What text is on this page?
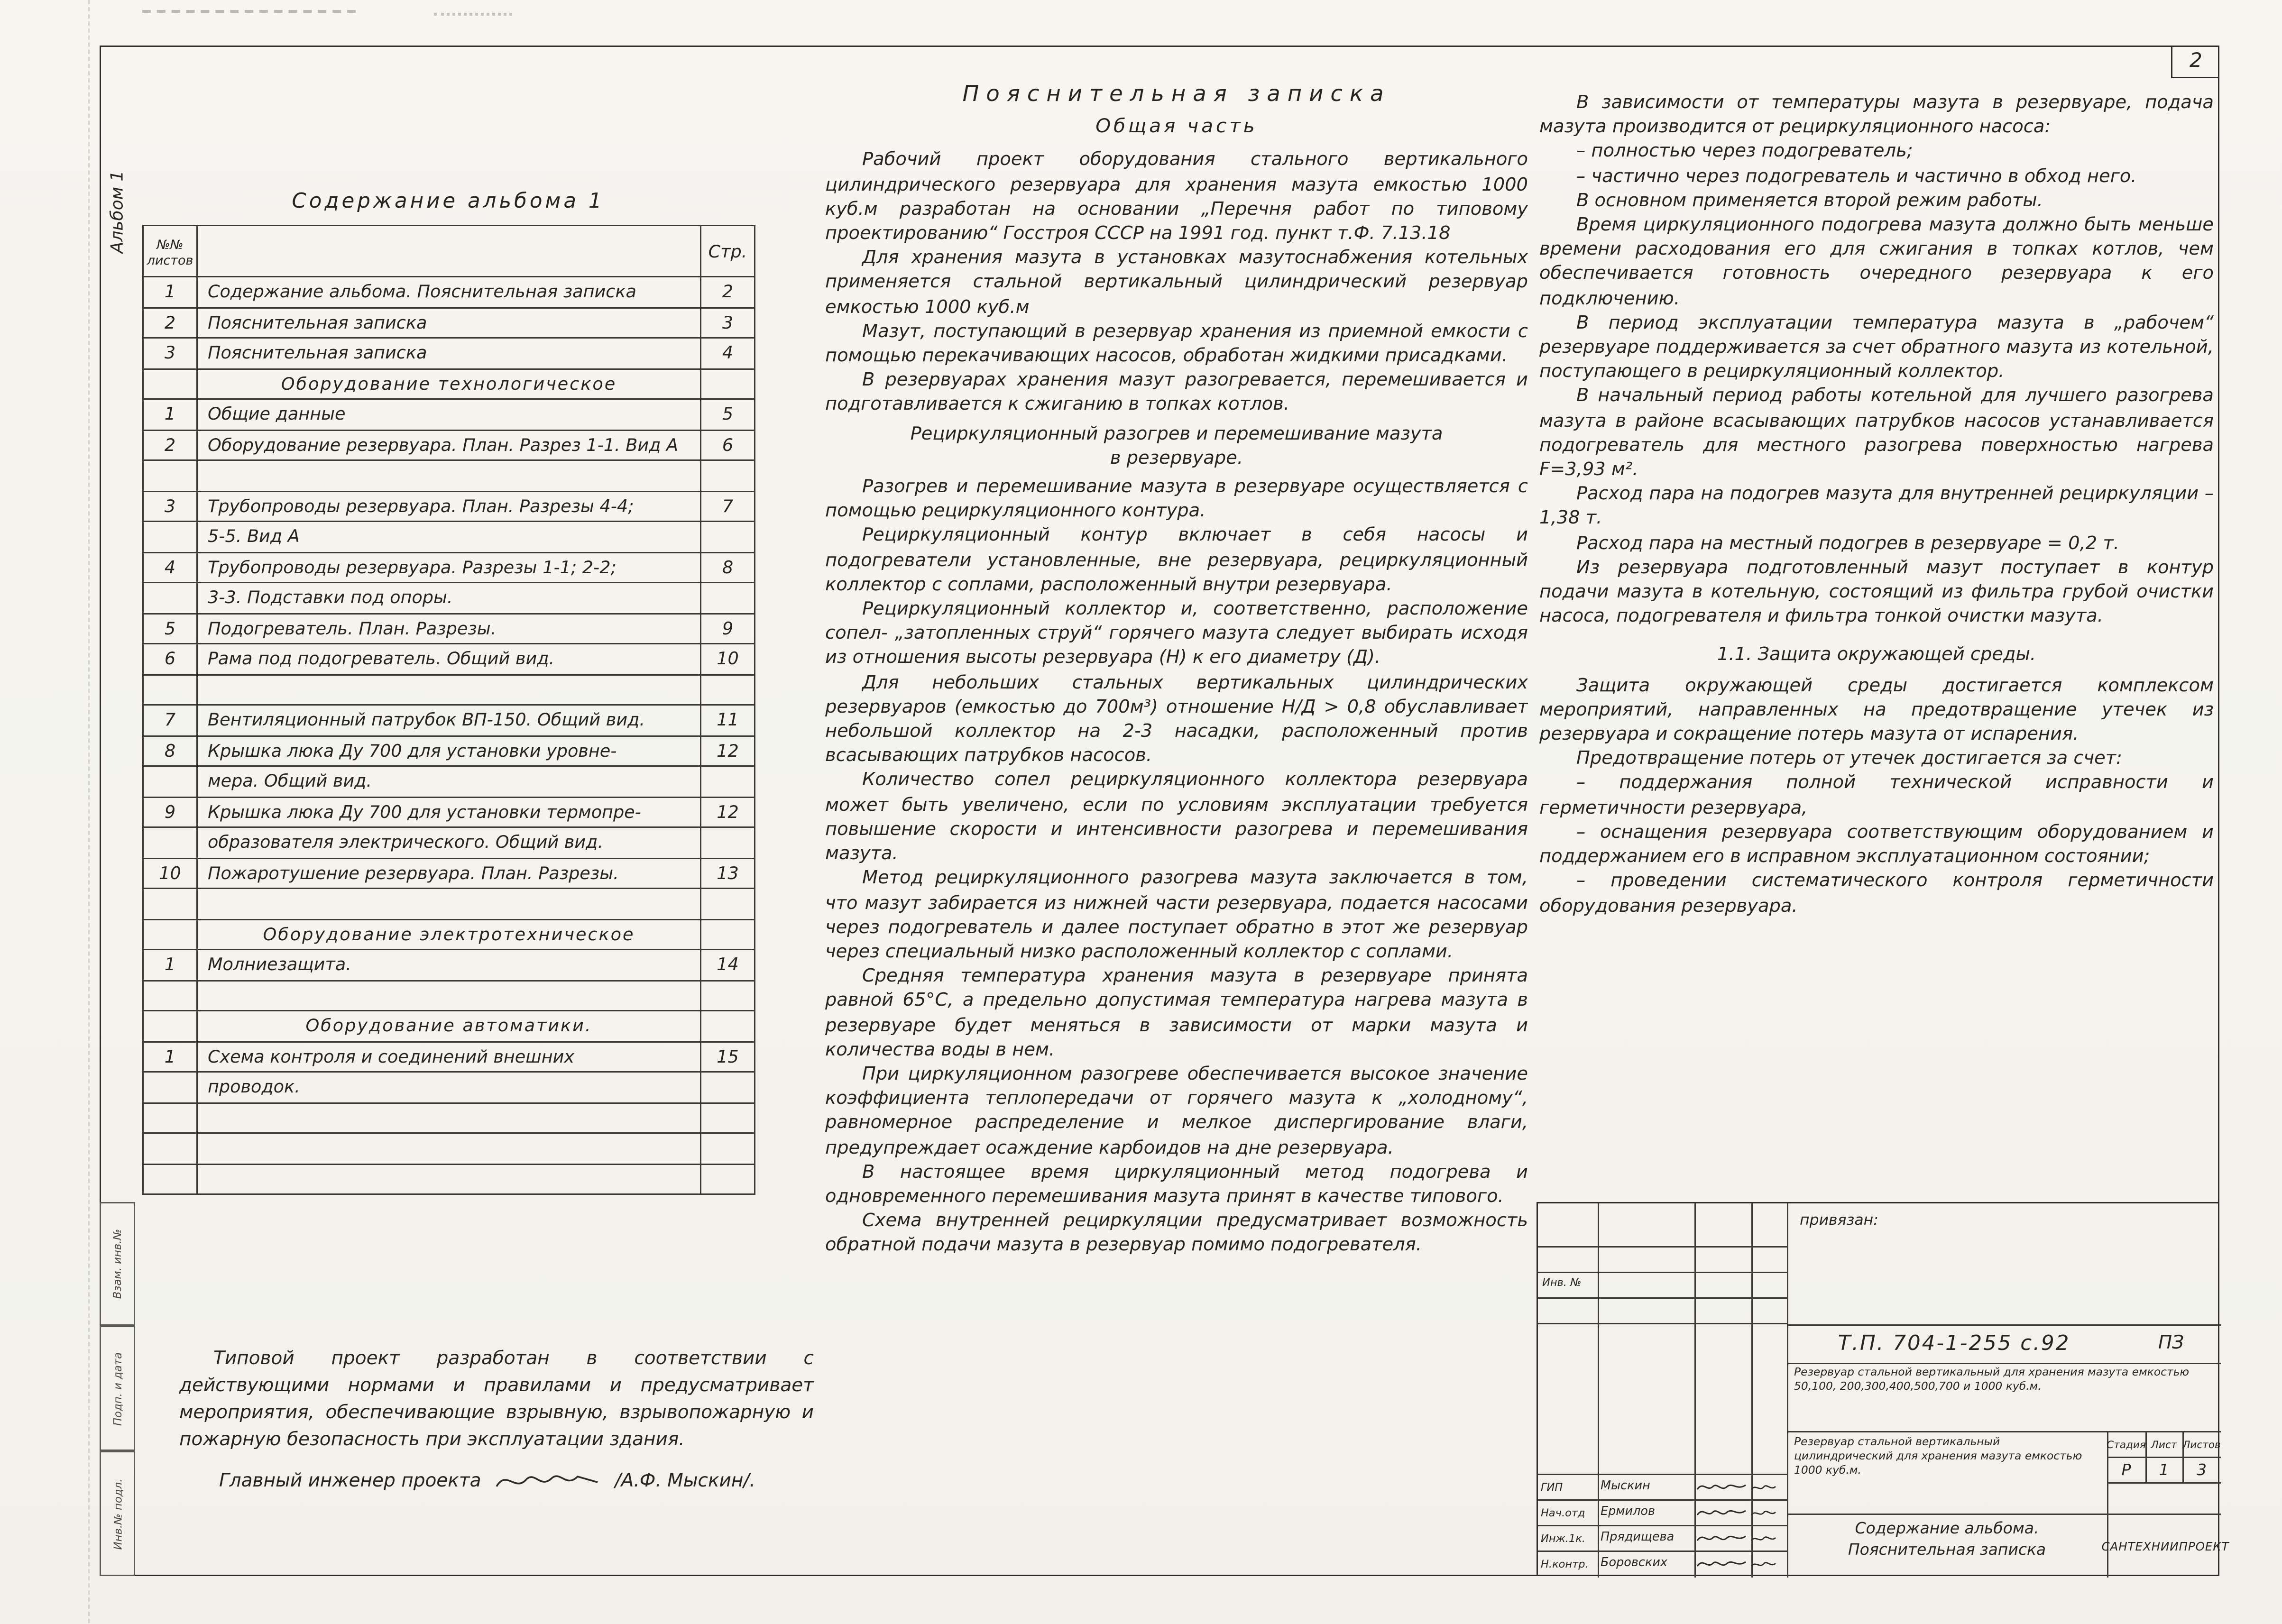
2
Альбом 1
Взам. инв.№
Подп. и дата
Инв.№ подл.
Содержание альбома 1
№№
листов		Стр.
1	Содержание альбома. Пояснительная записка	2
2	Пояснительная записка	3
3	Пояснительная записка	4
	Оборудование технологическое	
1	Общие данные	5
2	Оборудование резервуара. План. Разрез 1-1. Вид А	6

3	Трубопроводы резервуара. План. Разрезы 4-4;	7
	5-5. Вид А	
4	Трубопроводы резервуара. Разрезы 1-1; 2-2;	8
	3-3. Подставки под опоры.	
5	Подогреватель. План. Разрезы.	9
6	Рама под подогреватель. Общий вид.	10

7	Вентиляционный патрубок ВП-150. Общий вид.	11
8	Крышка люка Ду 700 для установки уровне-	12
	мера. Общий вид.	
9	Крышка люка Ду 700 для установки термопре-	12
	образователя электрического. Общий вид.	
10	Пожаротушение резервуара. План. Разрезы.	13

	Оборудование электротехническое	
1	Молниезащита.	14

	Оборудование автоматики.	
1	Схема контроля и соединений внешних	15
	проводок.	

Пояснительная записка
Общая часть

Рабочий проект оборудования стального вертикального цилиндрического резервуара для хранения мазута емкостью 1000 куб.м разработан на основании „Перечня работ по типовому проектированию“ Госстроя СССР на 1991 год. пункт т.Ф. 7.13.18

Для хранения мазута в установках мазутоснабжения котельных применяется стальной вертикальный цилиндрический резервуар емкостью 1000 куб.м

Мазут, поступающий в резервуар хранения из приемной емкости с помощью перекачивающих насосов, обработан жидкими присадками.

В резервуарах хранения мазут разогревается, перемешивается и подготавливается к сжиганию в топках котлов.

Рециркуляционный разогрев и перемешивание мазута
в резервуаре.

Разогрев и перемешивание мазута в резервуаре осуществляется с помощью рециркуляционного контура.

Рециркуляционный контур включает в себя насосы и подогреватели установленные, вне резервуара, рециркуляционный коллектор с соплами, расположенный внутри резервуара.

Рециркуляционный коллектор и, соответственно, расположение сопел- „затопленных струй“ горячего мазута следует выбирать исходя из отношения высоты резервуара (Н) к его диаметру (Д).

Для небольших стальных вертикальных цилиндрических резервуаров (емкостью до 700м³) отношение Н/Д > 0,8 обуславливает небольшой коллектор на 2-3 насадки, расположенный против всасывающих патрубков насосов.

Количество сопел рециркуляционного коллектора резервуара может быть увеличено, если по условиям эксплуатации требуется повышение скорости и интенсивности разогрева и перемешивания мазута.

Метод рециркуляционного разогрева мазута заключается в том, что мазут забирается из нижней части резервуара, подается насосами через подогреватель и далее поступает обратно в этот же резервуар через специальный низко расположенный коллектор с соплами.

Средняя температура хранения мазута в резервуаре принята равной 65°С, а предельно допустимая температура нагрева мазута в резервуаре будет меняться в зависимости от марки мазута и количества воды в нем.

При циркуляционном разогреве обеспечивается высокое значение коэффициента теплопередачи от горячего мазута к „холодному“, равномерное распределение и мелкое диспергирование влаги, предупреждает осаждение карбоидов на дне резервуара.

В настоящее время циркуляционный метод подогрева и одновременного перемешивания мазута принят в качестве типового.

Схема внутренней рециркуляции предусматривает возможность обратной подачи мазута в резервуар помимо подогревателя.

В зависимости от температуры мазута в резервуаре, подача мазута производится от рециркуляционного насоса:

– полностью через подогреватель;

– частично через подогреватель и частично в обход него.

В основном применяется второй режим работы.

Время циркуляционного подогрева мазута должно быть меньше времени расходования его для сжигания в топках котлов, чем обеспечивается готовность очередного резервуара к его подключению.

В период эксплуатации температура мазута в „рабочем“ резервуаре поддерживается за счет обратного мазута из котельной, поступающего в рециркуляционный коллектор.

В начальный период работы котельной для лучшего разогрева мазута в районе всасывающих патрубков насосов устанавливается подогреватель для местного разогрева поверхностью нагрева F=3,93 м².

Расход пара на подогрев мазута для внутренней рециркуляции – 1,38 т.

Расход пара на местный подогрев в резервуаре = 0,2 т.

Из резервуара подготовленный мазут поступает в контур подачи мазута в котельную, состоящий из фильтра грубой очистки насоса, подогревателя и фильтра тонкой очистки мазута.

1.1. Защита окружающей среды.

Защита окружающей среды достигается комплексом мероприятий, направленных на предотвращение утечек из резервуара и сокращение потерь мазута от испарения.

Предотвращение потерь от утечек достигается за счет:

– поддержания полной технической исправности и герметичности резервуара,

– оснащения резервуара соответствующим оборудованием и поддержанием его в исправном эксплуатационном состоянии;

– проведении систематического контроля герметичности оборудования резервуара.

Типовой проект разработан в соответствии с действующими нормами и правилами и предусматривает мероприятия, обеспечивающие взрывную, взрывопожарную и пожарную безопасность при эксплуатации здания.

Главный инженер проекта	/А.Ф. Мыскин/.
привязан:
Инв. №
Т.П. 704-1-255 с.92	ПЗ
Резервуар стальной вертикальный для хранения мазута емкостью 50,100, 200,300,400,500,700 и 1000 куб.м.
Резервуар стальной вертикальный цилиндрический для хранения мазута емкостью 1000 куб.м.
Стадия	Лист	Листов
Р	1	3
Содержание альбома.
Пояснительная записка	САНТЕХНИИПРОЕКТ
ГИП	Мыскин
Нач.отд	Ермилов
Инж.1к.	Прядищева
Н.контр.	Боровских
